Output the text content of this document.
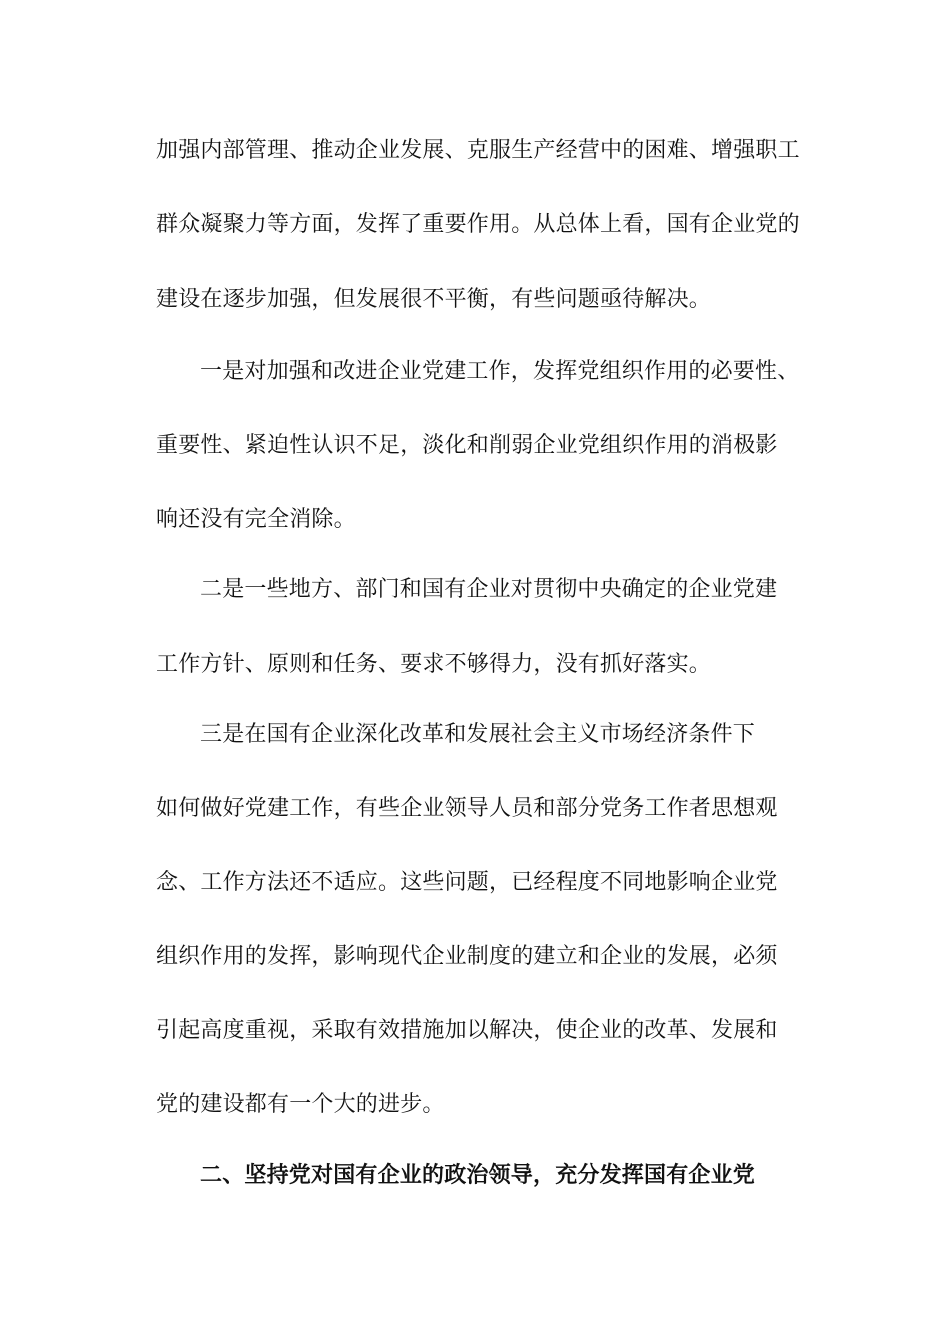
加强内部管理、推动企业发展、克服生产经营中的困难、增强职工
群众凝聚力等方面，发挥了重要作用。从总体上看，国有企业党的
建设在逐步加强，但发展很不平衡，有些问题亟待解决。
一是对加强和改进企业党建工作，发挥党组织作用的必要性、
重要性、紧迫性认识不足，淡化和削弱企业党组织作用的消极影
响还没有完全消除。
二是一些地方、部门和国有企业对贯彻中央确定的企业党建
工作方针、原则和任务、要求不够得力，没有抓好落实。
三是在国有企业深化改革和发展社会主义市场经济条件下
如何做好党建工作，有些企业领导人员和部分党务工作者思想观
念、工作方法还不适应。这些问题，已经程度不同地影响企业党
组织作用的发挥，影响现代企业制度的建立和企业的发展，必须
引起高度重视，采取有效措施加以解决，使企业的改革、发展和
党的建设都有一个大的进步。
二、坚持党对国有企业的政治领导，充分发挥国有企业党
